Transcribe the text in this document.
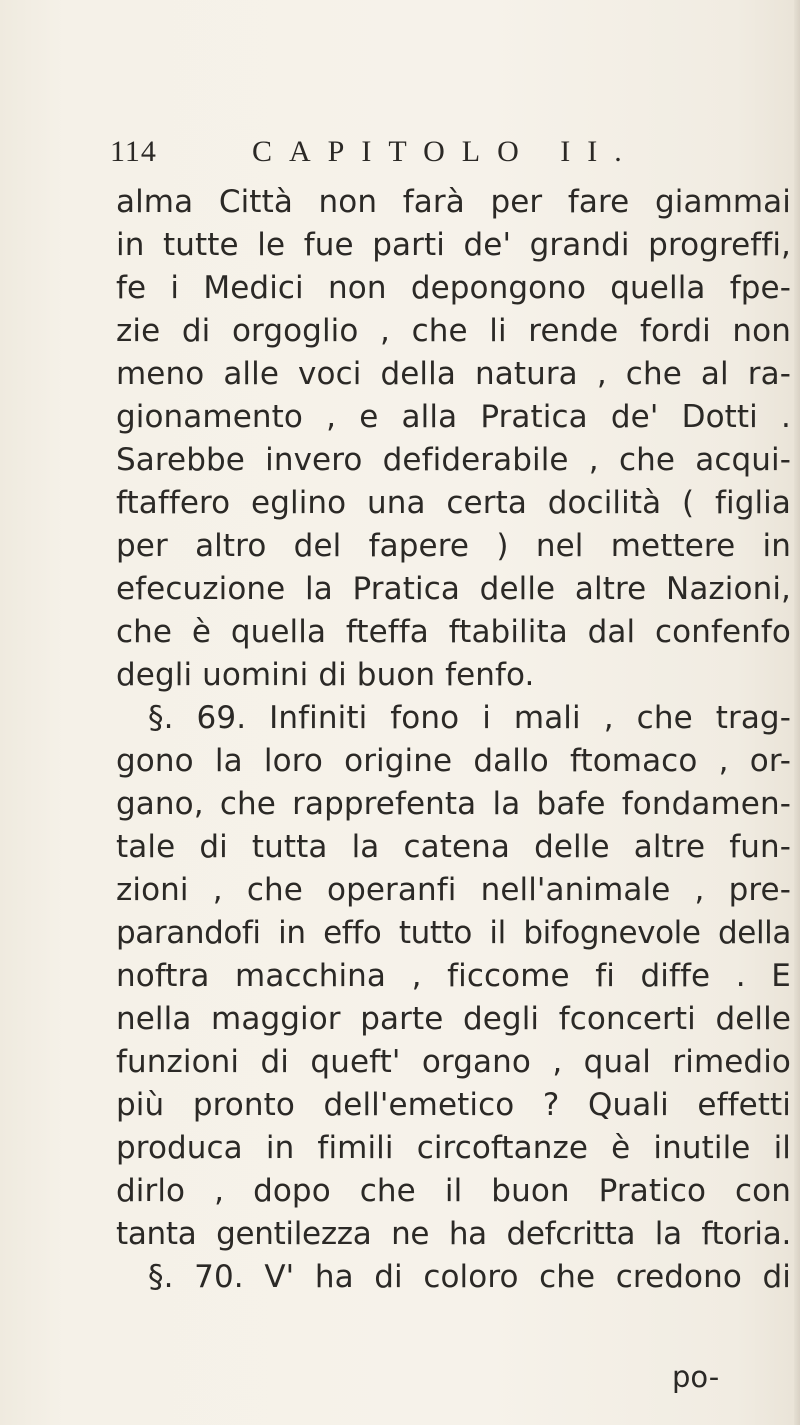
114	CAPITOLO II.
alma Città non farà per fare giammai
in tutte le fue parti de' grandi progreffi,
fe i Medici non depongono quella fpe-
zie di orgoglio , che li rende fordi non
meno alle voci della natura , che al ra-
gionamento , e alla Pratica de' Dotti .
Sarebbe invero defiderabile , che acqui-
ftaffero eglino una certa docilità ( figlia
per altro del fapere ) nel mettere in
efecuzione la Pratica delle altre Nazioni,
che è quella fteffa ftabilita dal confenfo
degli uomini di buon fenfo.
§. 69. Infiniti fono i mali , che trag-
gono la loro origine dallo ftomaco , or-
gano, che rapprefenta la bafe fondamen-
tale di tutta la catena delle altre fun-
zioni , che operanfi nell'animale , pre-
parandofi in effo tutto il bifognevole della
noftra macchina , ficcome fi diffe . E
nella maggior parte degli fconcerti delle
funzioni di queft' organo , qual rimedio
più pronto dell'emetico ? Quali effetti
produca in fimili circoftanze è inutile il
dirlo , dopo che il buon Pratico con
tanta gentilezza ne ha defcritta la ftoria.
§. 70. V' ha di coloro che credono di
po-
